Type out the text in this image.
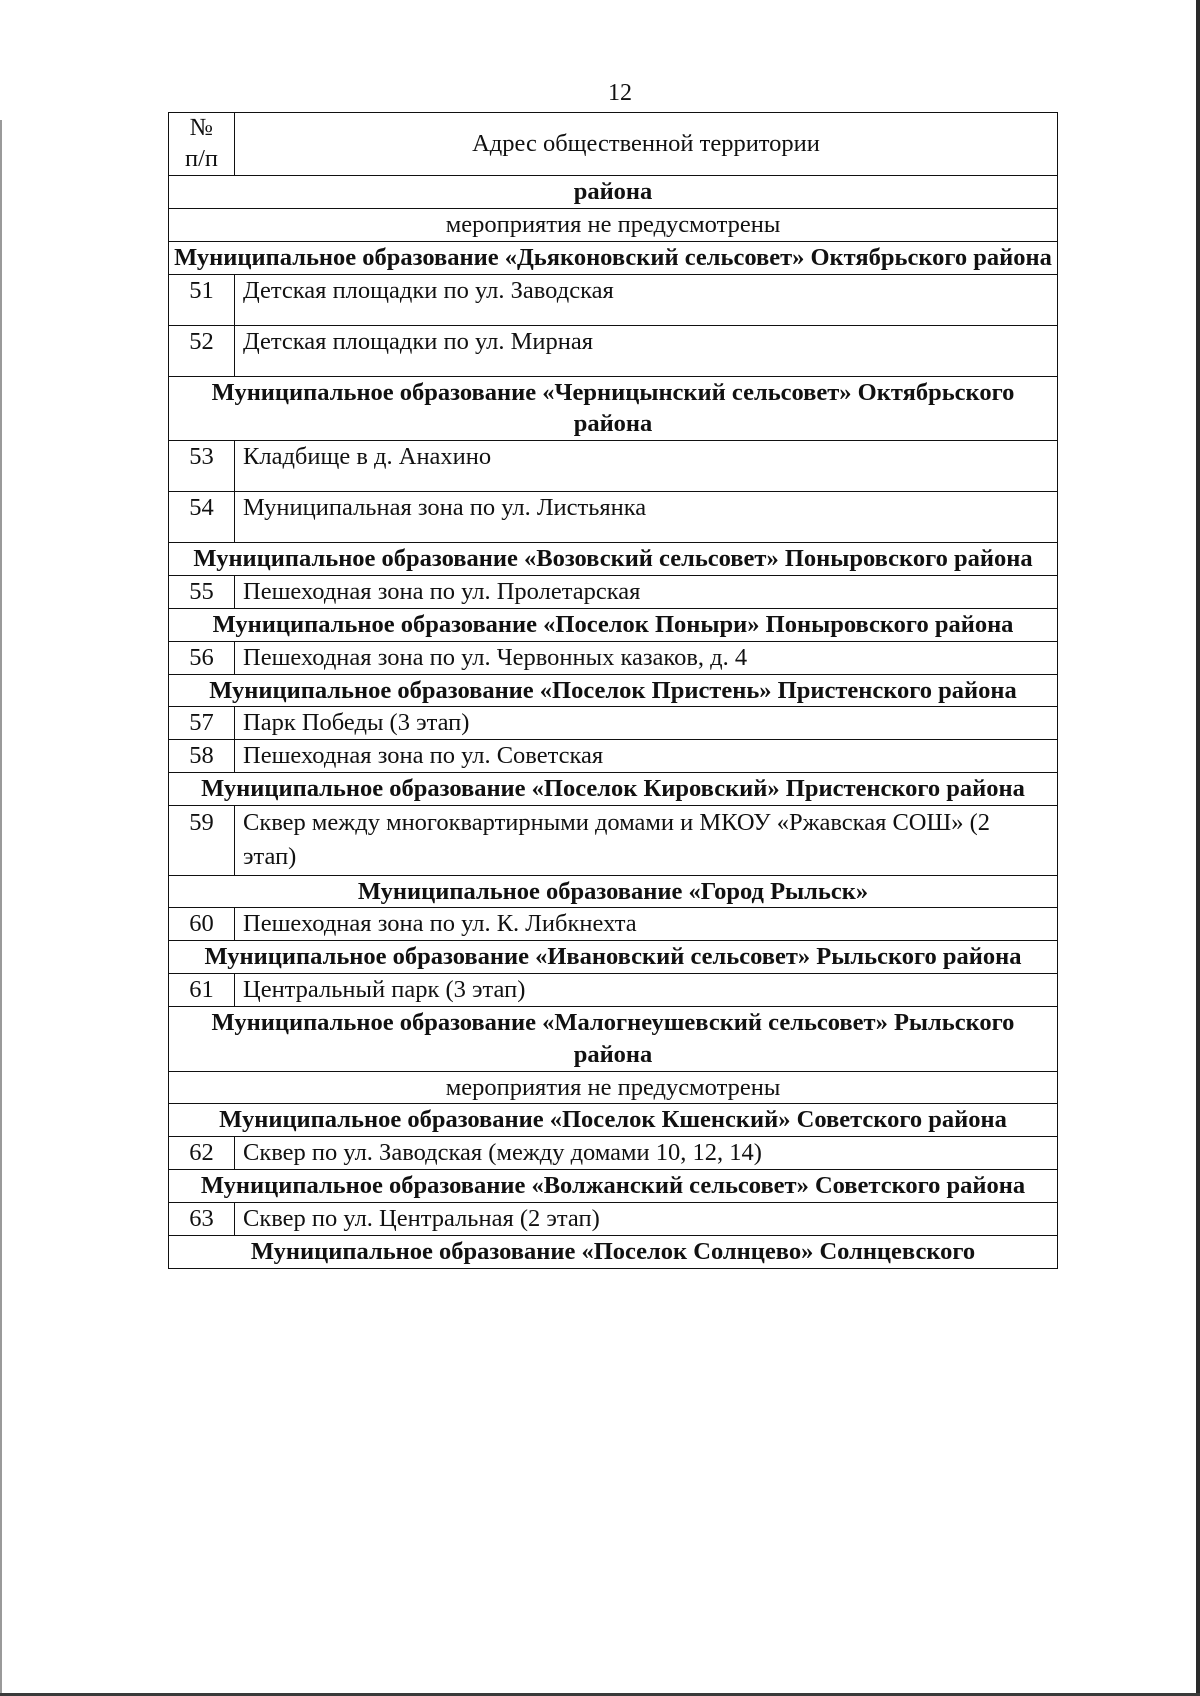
12
№ п/п	Адрес общественной территории
района	
мероприятия не предусмотрены	
Муниципальное образование «Дьяконовский сельсовет» Октябрьского района	
51	Детская площадки по ул. Заводская
52	Детская площадки по ул. Мирная
Муниципальное образование «Черницынский сельсовет» Октябрьского района	
53	Кладбище в д. Анахино
54	Муниципальная зона по ул. Листьянка
Муниципальное образование «Возовский сельсовет» Поныровского района	
55	Пешеходная зона по ул. Пролетарская
Муниципальное образование «Поселок Поныри» Поныровского района	
56	Пешеходная зона по ул. Червонных казаков, д. 4
Муниципальное образование «Поселок Пристень» Пристенского района	
57	Парк Победы (3 этап)
58	Пешеходная зона по ул. Советская
Муниципальное образование «Поселок Кировский» Пристенского района	
59	Сквер между многоквартирными домами и МКОУ «Ржавская СОШ» (2 этап)
Муниципальное образование «Город Рыльск»	
60	Пешеходная зона по ул. К. Либкнехта
Муниципальное образование «Ивановский сельсовет» Рыльского района	
61	Центральный парк (3 этап)
Муниципальное образование «Малогнеушевский сельсовет» Рыльского района	
мероприятия не предусмотрены	
Муниципальное образование «Поселок Кшенский» Советского района	
62	Сквер по ул. Заводская (между домами 10, 12, 14)
Муниципальное образование «Волжанский сельсовет» Советского района	
63	Сквер по ул. Центральная (2 этап)
Муниципальное образование «Поселок Солнцево» Солнцевского	
